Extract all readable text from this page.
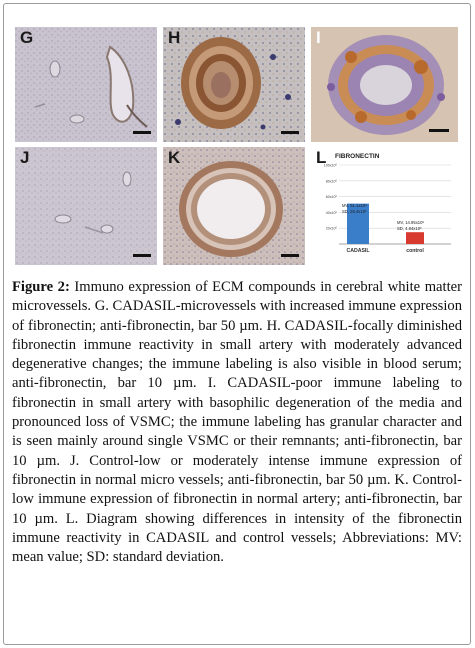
G	H	I
J	K	L FIBRONECTIN
20x10⁶
40x10⁶
60x10⁶
80x10⁶
100x10⁶
CADASIL	control
MV, 51.1x10⁶
SD, 26.4x10⁶
MV, 14.95x10⁶
SD, 4.84x10⁶
Figure 2: Immuno expression of ECM compounds in cerebral white matter microvessels. G. CADASIL-microvessels with increased immune expression of fibronectin; anti-fibronectin, bar 50 µm. H. CADASIL-focally diminished fibronectin immune reactivity in small artery with moderately advanced degenerative changes; the immune labeling is also visible in blood serum; anti-fibronectin, bar 10 µm. I. CADASIL-poor immune labeling to fibronectin in small artery with basophilic degeneration of the media and pronounced loss of VSMC; the immune labeling has granular character and is seen mainly around single VSMC or their remnants; anti-fibronectin, bar 10 µm. J. Control-low or moderately intense immune expression of fibronectin in normal micro vessels; anti-fibronectin, bar 50 µm. K. Control-low immune expression of fibronectin in normal artery; anti-fibronectin, bar 10 µm. L. Diagram showing differences in intensity of the fibronectin immune reactivity in CADASIL and control vessels; Abbreviations: MV: mean value; SD: standard deviation.
